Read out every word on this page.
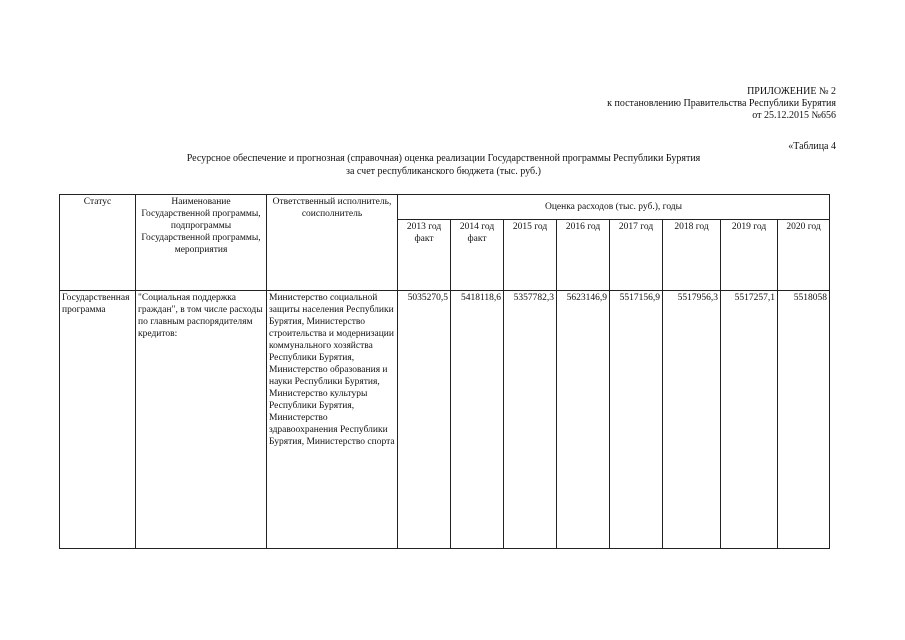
ПРИЛОЖЕНИЕ № 2
к постановлению Правительства Республики Бурятия
от 25.12.2015 №656
«Таблица 4
Ресурсное обеспечение и прогнозная (справочная) оценка реализации Государственной программы Республики Бурятия
за счет республиканского бюджета (тыс. руб.)
Статус	Наименование Государственной программы, подпрограммы Государственной программы, мероприятия	Ответственный исполнитель, соисполнитель	Оценка расходов (тыс. руб.), годы							
			2013 год факт	2014 год факт	2015 год	2016 год	2017 год	2018 год	2019 год	2020 год
Государственная программа	"Социальная поддержка граждан", в том числе расходы по главным распорядителям кредитов:	Министерство социальной защиты населения Республики Бурятия, Министерство строительства и модернизации коммунального хозяйства Республики Бурятия, Министерство образования и науки Республики Бурятия, Министерство культуры Республики Бурятия, Министерство здравоохранения Республики Бурятия, Министерство спорта	5035270,5	5418118,6	5357782,3	5623146,9	5517156,9	5517956,3	5517257,1	5518058
